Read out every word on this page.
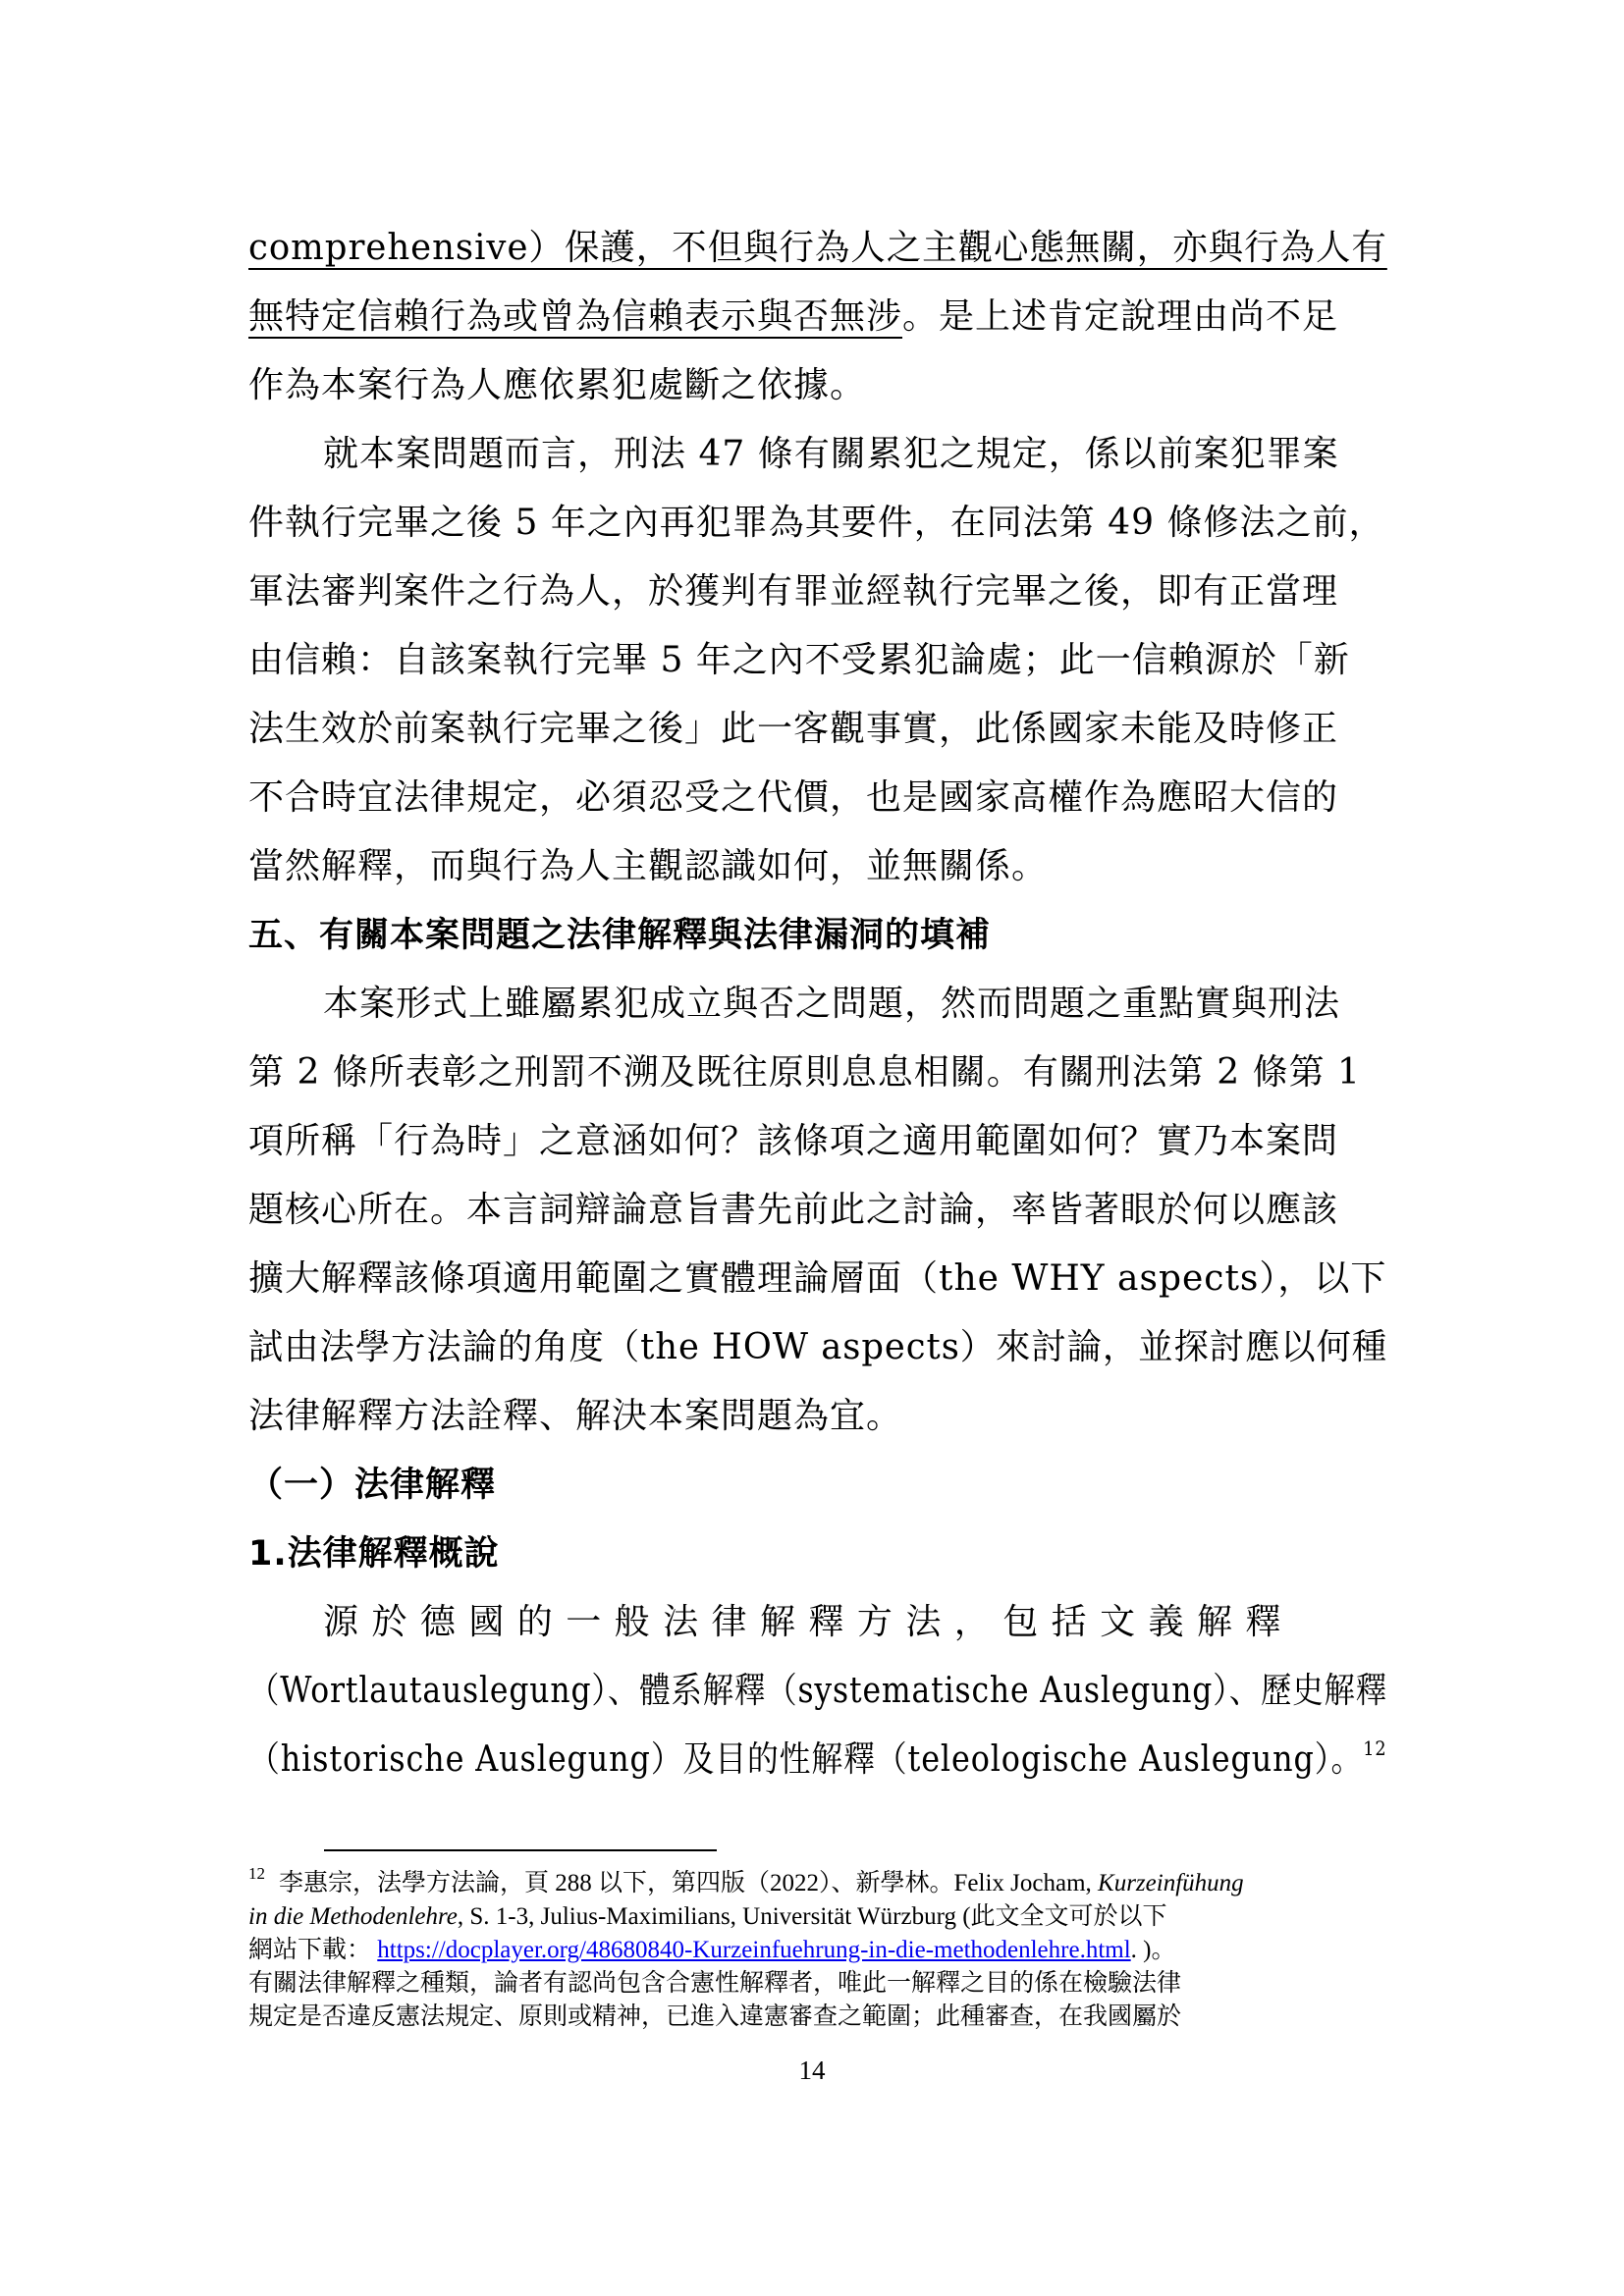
comprehensive）保護，不但與行為人之主觀心態無關，亦與行為人有
無特定信賴行為或曾為信賴表示與否無涉。是上述肯定說理由尚不足
作為本案行為人應依累犯處斷之依據。
就本案問題而言，刑法 47 條有關累犯之規定，係以前案犯罪案
件執行完畢之後 5 年之內再犯罪為其要件，在同法第 49 條修法之前，
軍法審判案件之行為人，於獲判有罪並經執行完畢之後，即有正當理
由信賴：自該案執行完畢 5 年之內不受累犯論處；此一信賴源於「新
法生效於前案執行完畢之後」此一客觀事實，此係國家未能及時修正
不合時宜法律規定，必須忍受之代價，也是國家高權作為應昭大信的
當然解釋，而與行為人主觀認識如何，並無關係。
五、有關本案問題之法律解釋與法律漏洞的填補
本案形式上雖屬累犯成立與否之問題，然而問題之重點實與刑法
第 2 條所表彰之刑罰不溯及既往原則息息相關。有關刑法第 2 條第 1
項所稱「行為時」之意涵如何？該條項之適用範圍如何？實乃本案問
題核心所在。本言詞辯論意旨書先前此之討論，率皆著眼於何以應該
擴大解釋該條項適用範圍之實體理論層面（the WHY aspects），以下
試由法學方法論的角度（the HOW aspects）來討論，並探討應以何種
法律解釋方法詮釋、解決本案問題為宜。
（一）法律解釋
1.法律解釋概說
源 於 德 國 的 一 般 法 律 解 釋 方 法 ， 包 括 文 義 解 釋
（Wortlautauslegung）、體系解釋（systematische Auslegung）、歷史解釋
（historische Auslegung）及目的性解釋（teleologische Auslegung）。$^{12}$
$^{12}$ 李惠宗，法學方法論，頁 288 以下，第四版（2022）、新學林。Felix Jocham, Kurzeinfühung
in die Methodenlehre, S. 1-3, Julius-Maximilians, Universität Würzburg (此文全文可於以下
網站下載： https://docplayer.org/48680840-Kurzeinfuehrung-in-die-methodenlehre.html. )。
有關法律解釋之種類，論者有認尚包含合憲性解釋者，唯此一解釋之目的係在檢驗法律
規定是否違反憲法規定、原則或精神，已進入違憲審查之範圍；此種審查，在我國屬於
14
